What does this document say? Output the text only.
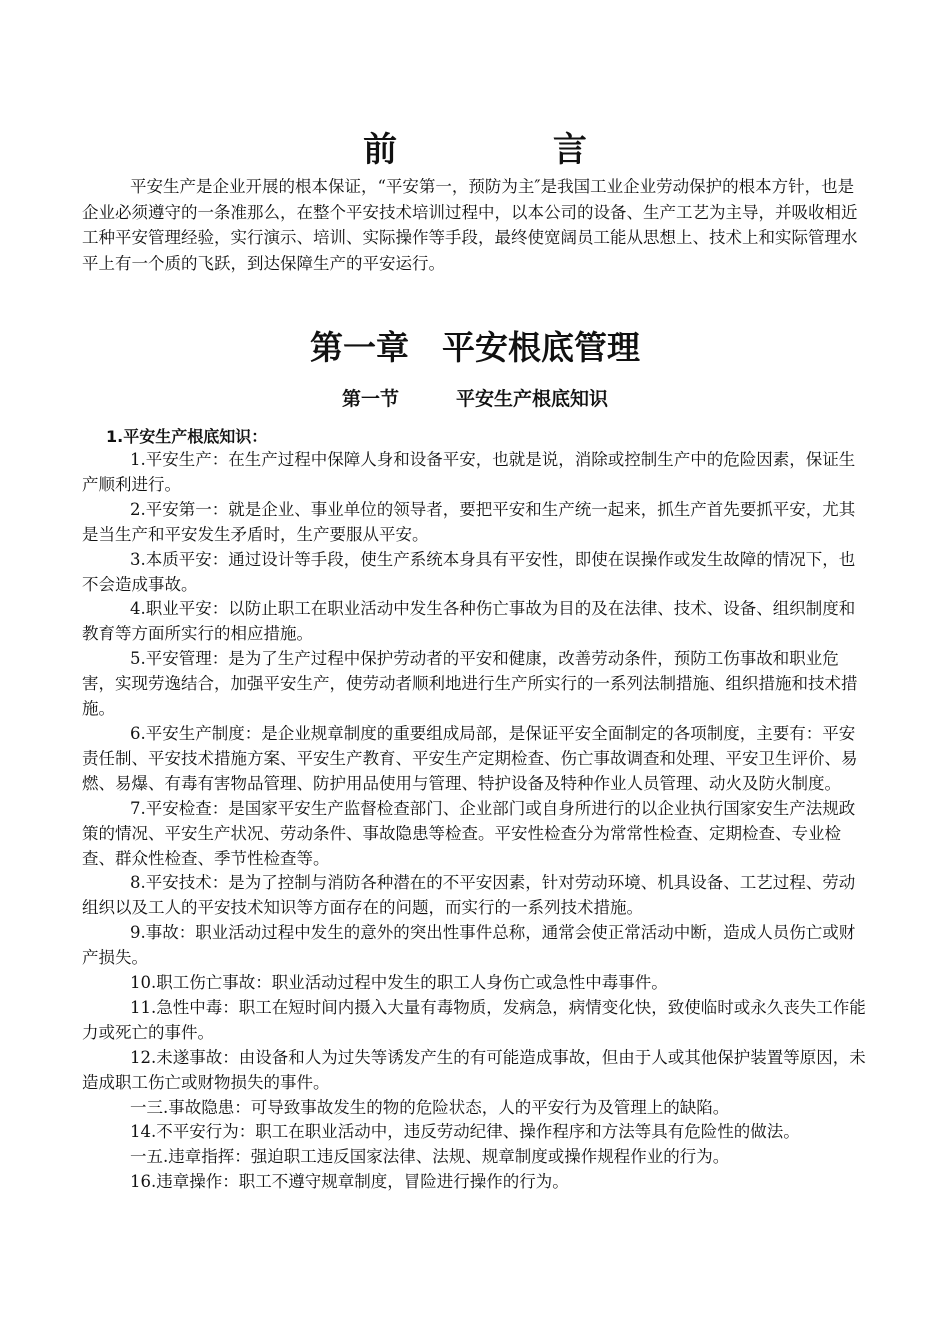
前 言

平安生产是企业开展的根本保证，“平安第一，预防为主″是我国工业企业劳动保护的根本方针，也是企业必须遵守的一条准那么，在整个平安技术培训过程中，以本公司的设备、生产工艺为主导，并吸收相近工种平安管理经验，实行演示、培训、实际操作等手段，最终使宽阔员工能从思想上、技术上和实际管理水平上有一个质的飞跃，到达保障生产的平安运行。

第一章　平安根底管理
第一节　　　平安生产根底知识
1.平安生产根底知识：

1.平安生产：在生产过程中保障人身和设备平安，也就是说，消除或控制生产中的危险因素，保证生产顺利进行。

2.平安第一：就是企业、事业单位的领导者，要把平安和生产统一起来，抓生产首先要抓平安，尤其是当生产和平安发生矛盾时，生产要服从平安。

3.本质平安：通过设计等手段，使生产系统本身具有平安性，即使在误操作或发生故障的情况下，也不会造成事故。

4.职业平安：以防止职工在职业活动中发生各种伤亡事故为目的及在法律、技术、设备、组织制度和教育等方面所实行的相应措施。

5.平安管理：是为了生产过程中保护劳动者的平安和健康，改善劳动条件，预防工伤事故和职业危害，实现劳逸结合，加强平安生产，使劳动者顺利地进行生产所实行的一系列法制措施、组织措施和技术措施。

6.平安生产制度：是企业规章制度的重要组成局部，是保证平安全面制定的各项制度，主要有：平安责任制、平安技术措施方案、平安生产教育、平安生产定期检查、伤亡事故调查和处理、平安卫生评价、易燃、易爆、有毒有害物品管理、防护用品使用与管理、特护设备及特种作业人员管理、动火及防火制度。

7.平安检查：是国家平安生产监督检查部门、企业部门或自身所进行的以企业执行国家安生产法规政策的情况、平安生产状况、劳动条件、事故隐患等检查。平安性检查分为常常性检查、定期检查、专业检查、群众性检查、季节性检查等。

8.平安技术：是为了控制与消防各种潜在的不平安因素，针对劳动环境、机具设备、工艺过程、劳动组织以及工人的平安技术知识等方面存在的问题，而实行的一系列技术措施。

9.事故：职业活动过程中发生的意外的突出性事件总称，通常会使正常活动中断，造成人员伤亡或财产损失。

10.职工伤亡事故：职业活动过程中发生的职工人身伤亡或急性中毒事件。

11.急性中毒：职工在短时间内摄入大量有毒物质，发病急，病情变化快，致使临时或永久丧失工作能力或死亡的事件。

12.未遂事故：由设备和人为过失等诱发产生的有可能造成事故，但由于人或其他保护装置等原因，未造成职工伤亡或财物损失的事件。

一三.事故隐患：可导致事故发生的物的危险状态，人的平安行为及管理上的缺陷。

14.不平安行为：职工在职业活动中，违反劳动纪律、操作程序和方法等具有危险性的做法。

一五.违章指挥：强迫职工违反国家法律、法规、规章制度或操作规程作业的行为。

16.违章操作：职工不遵守规章制度，冒险进行操作的行为。
